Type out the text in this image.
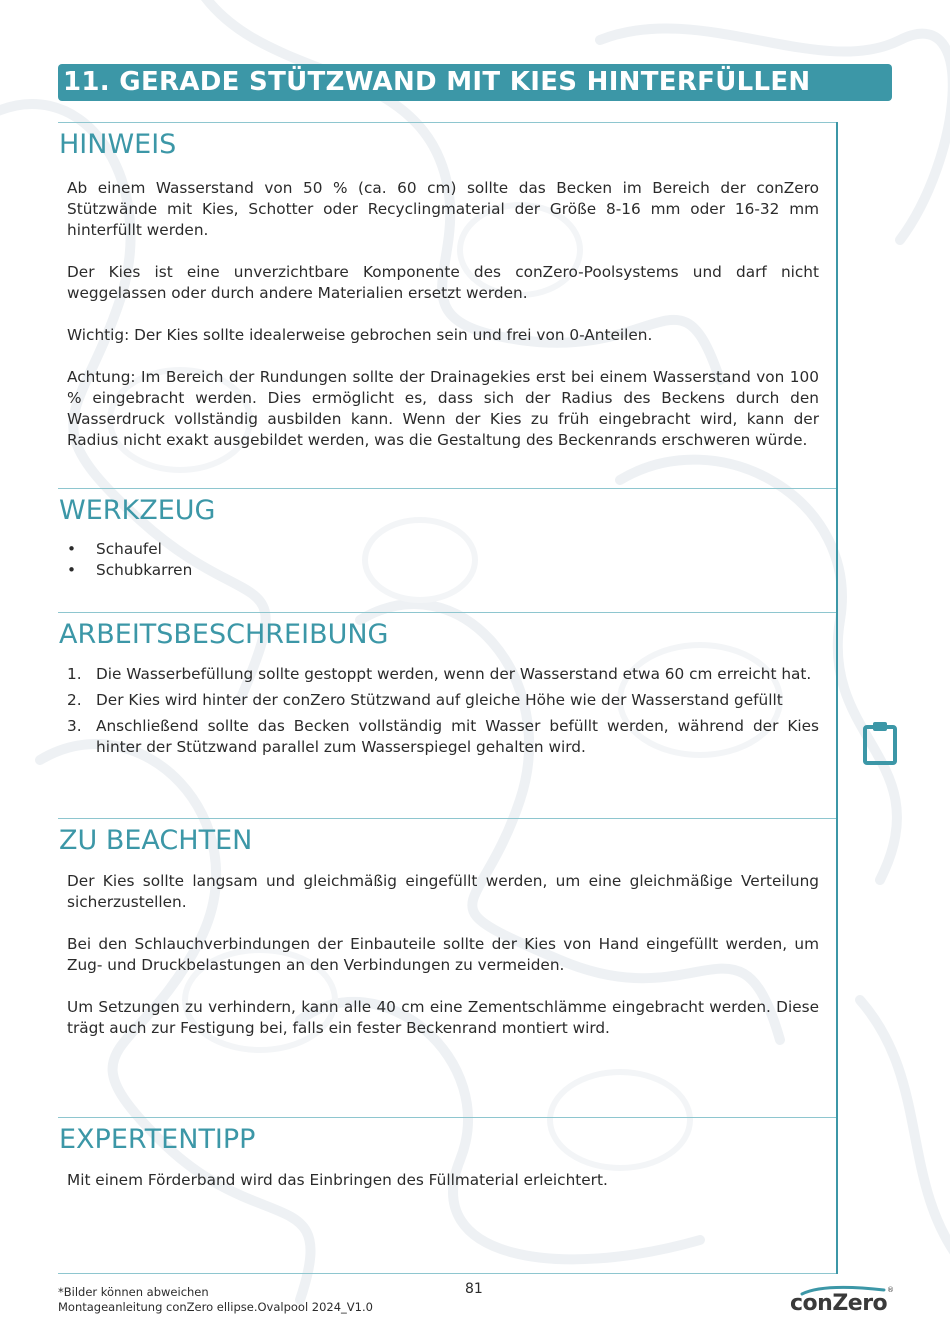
11. GERADE STÜTZWAND MIT KIES HINTERFÜLLEN
HINWEIS

Ab einem Wasserstand von 50 % (ca. 60 cm) sollte das Becken im Bereich der conZero Stützwände mit Kies, Schotter oder Recyclingmaterial der Größe 8-16 mm oder 16-32 mm hinterfüllt werden.

Der Kies ist eine unverzichtbare Komponente des conZero-Poolsystems und darf nicht weggelassen oder durch andere Materialien ersetzt werden.

Wichtig: Der Kies sollte idealerweise gebrochen sein und frei von 0-Anteilen.

Achtung: Im Bereich der Rundungen sollte der Drainagekies erst bei einem Wasserstand von 100 % eingebracht werden. Dies ermöglicht es, dass sich der Radius des Beckens durch den Wasserdruck vollständig ausbilden kann. Wenn der Kies zu früh eingebracht wird, kann der Radius nicht exakt ausgebildet werden, was die Gestaltung des Beckenrands erschweren würde.

WERKZEUG
• Schaufel
• Schubkarren
ARBEITSBESCHREIBUNG
1. Die Wasserbefüllung sollte gestoppt werden, wenn der Wasserstand etwa 60 cm erreicht hat.
2. Der Kies wird hinter der conZero Stützwand auf gleiche Höhe wie der Wasserstand gefüllt
3. Anschließend sollte das Becken vollständig mit Wasser befüllt werden, während der Kies hinter der Stützwand parallel zum Wasserspiegel gehalten wird.
ZU BEACHTEN

Der Kies sollte langsam und gleichmäßig eingefüllt werden, um eine gleichmäßige Verteilung sicherzustellen.

Bei den Schlauchverbindungen der Einbauteile sollte der Kies von Hand eingefüllt werden, um Zug- und Druckbelastungen an den Verbindungen zu vermeiden.

Um Setzungen zu verhindern, kann alle 40 cm eine Zementschlämme eingebracht werden. Diese trägt auch zur Festigung bei, falls ein fester Beckenrand montiert wird.

EXPERTENTIPP

Mit einem Förderband wird das Einbringen des Füllmaterial erleichtert.

*Bilder können abweichen
Montageanleitung conZero ellipse.Ovalpool 2024_V1.0
81
conZero
®
